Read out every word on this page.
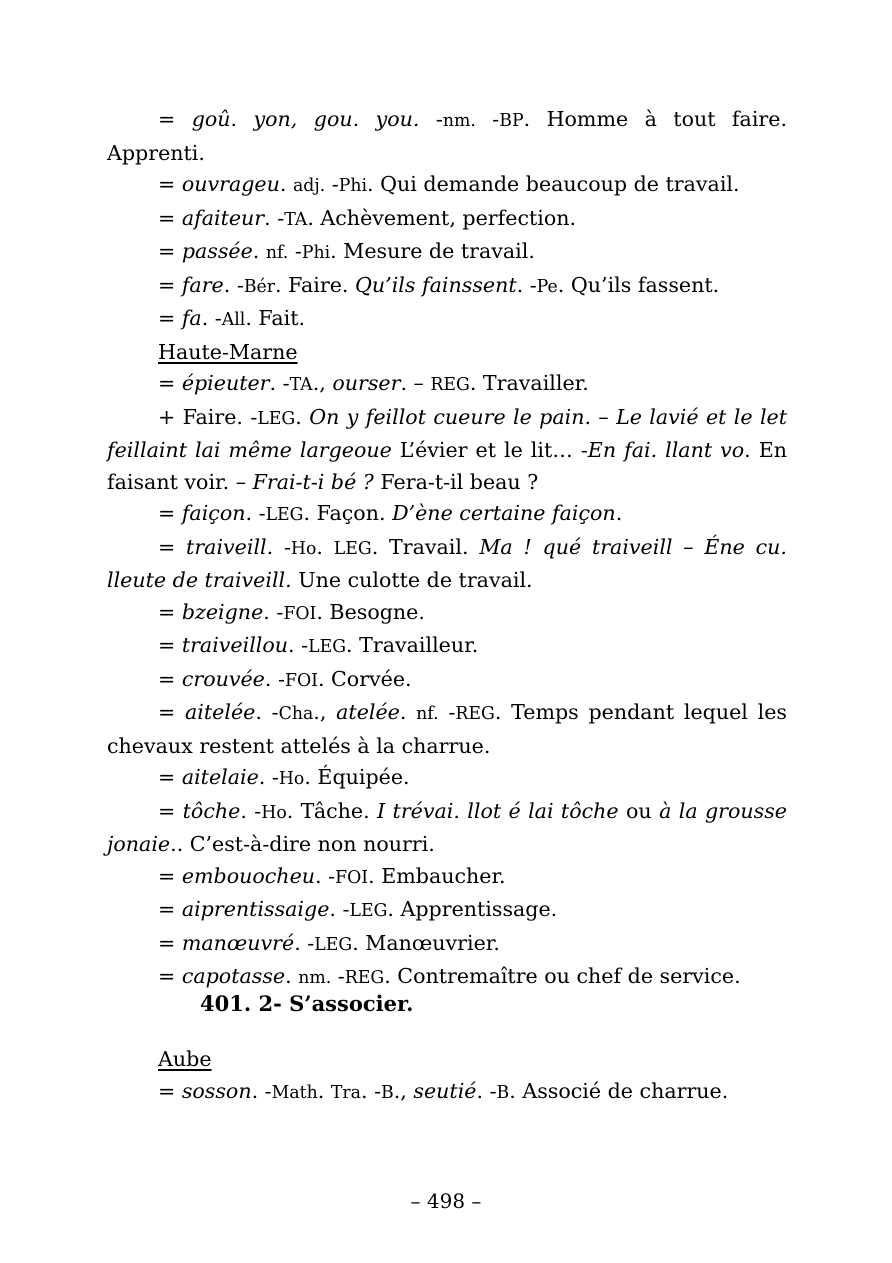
= goû. yon, gou. you. -nm. -BP. Homme à tout faire. Apprenti.

= ouvrageu. adj. -Phi. Qui demande beaucoup de travail.

= afaiteur. -TA. Achèvement, perfection.

= passée. nf. -Phi. Mesure de travail.

= fare. -Bér. Faire. Qu’ils fainssent. -Pe. Qu’ils fassent.

= fa. -All. Fait.

Haute-Marne

= épieuter. -TA., ourser. – REG. Travailler.

+ Faire. -LEG. On y feillot cueure le pain. – Le lavié et le let feillaint lai même largeoue L’évier et le lit… -En fai. llant vo. En faisant voir. – Frai-t-i bé ? Fera-t-il beau ?

= faiçon. -LEG. Façon. D’ène certaine faiçon.

= traiveill. -Ho. LEG. Travail. Ma ! qué traiveill – Éne cu. lleute de traiveill. Une culotte de travail.

= bzeigne. -FOI. Besogne.

= traiveillou. -LEG. Travailleur.

= crouvée. -FOI. Corvée.

= aitelée. -Cha., atelée. nf. -REG. Temps pendant lequel les chevaux restent attelés à la charrue.

= aitelaie. -Ho. Équipée.

= tôche. -Ho. Tâche. I trévai. llot é lai tôche ou à la grousse jonaie.. C’est-à-dire non nourri.

= embouocheu. -FOI. Embaucher.

= aiprentissaige. -LEG. Apprentissage.

= manœuvré. -LEG. Manœuvrier.

= capotasse. nm. -REG. Contremaître ou chef de service.

401. 2- S’associer.

Aube

= sosson. -Math. Tra. -B., seutié. -B. Associé de charrue.

– 498 –
